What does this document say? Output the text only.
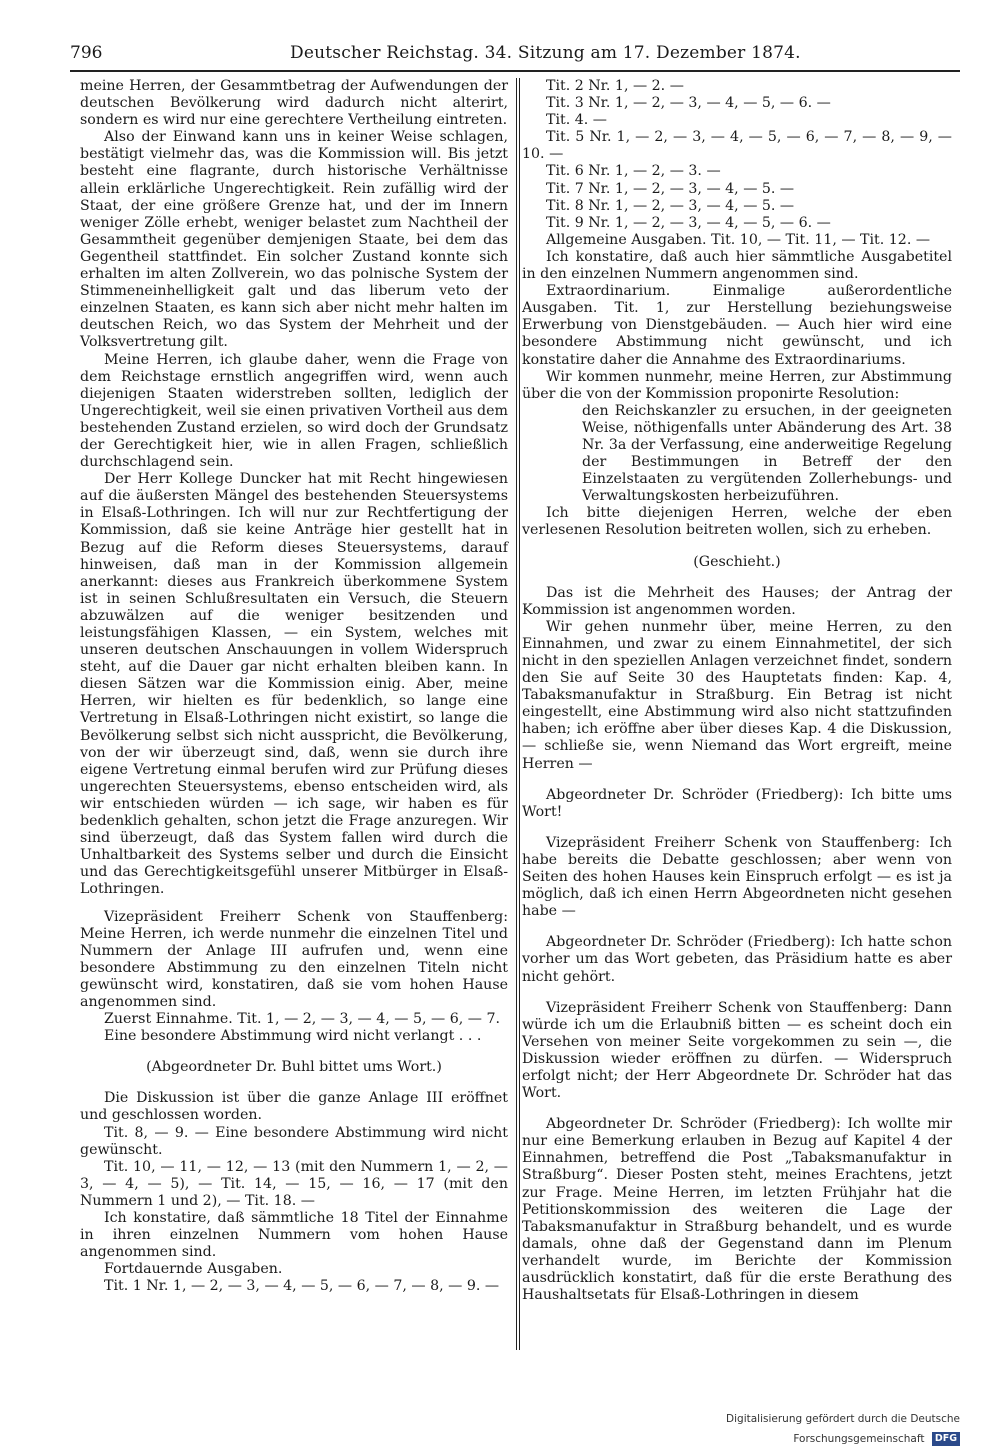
796	Deutscher Reichstag. 34. Sitzung am 17. Dezember 1874.

meine Herren, der Gesammtbetrag der Aufwendungen der deutschen Bevölkerung wird dadurch nicht alterirt, sondern es wird nur eine gerechtere Vertheilung eintreten.

Also der Einwand kann uns in keiner Weise schlagen, bestätigt vielmehr das, was die Kommission will. Bis jetzt besteht eine flagrante, durch historische Verhältnisse allein erklärliche Ungerechtigkeit. Rein zufällig wird der Staat, der eine größere Grenze hat, und der im Innern weniger Zölle erhebt, weniger belastet zum Nachtheil der Gesammtheit gegenüber demjenigen Staate, bei dem das Gegentheil stattfindet. Ein solcher Zustand konnte sich erhalten im alten Zollverein, wo das polnische System der Stimmeneinhelligkeit galt und das liberum veto der einzelnen Staaten, es kann sich aber nicht mehr halten im deutschen Reich, wo das System der Mehrheit und der Volksvertretung gilt.

Meine Herren, ich glaube daher, wenn die Frage von dem Reichstage ernstlich angegriffen wird, wenn auch diejenigen Staaten widerstreben sollten, lediglich der Ungerechtigkeit, weil sie einen privativen Vortheil aus dem bestehenden Zustand erzielen, so wird doch der Grundsatz der Gerechtigkeit hier, wie in allen Fragen, schließlich durchschlagend sein.

Der Herr Kollege Duncker hat mit Recht hingewiesen auf die äußersten Mängel des bestehenden Steuersystems in Elsaß-Lothringen. Ich will nur zur Rechtfertigung der Kommission, daß sie keine Anträge hier gestellt hat in Bezug auf die Reform dieses Steuersystems, darauf hinweisen, daß man in der Kommission allgemein anerkannt: dieses aus Frankreich überkommene System ist in seinen Schlußresultaten ein Versuch, die Steuern abzuwälzen auf die weniger besitzenden und leistungsfähigen Klassen, — ein System, welches mit unseren deutschen Anschauungen in vollem Widerspruch steht, auf die Dauer gar nicht erhalten bleiben kann. In diesen Sätzen war die Kommission einig. Aber, meine Herren, wir hielten es für bedenklich, so lange eine Vertretung in Elsaß-Lothringen nicht existirt, so lange die Bevölkerung selbst sich nicht ausspricht, die Bevölkerung, von der wir überzeugt sind, daß, wenn sie durch ihre eigene Vertretung einmal berufen wird zur Prüfung dieses ungerechten Steuersystems, ebenso entscheiden wird, als wir entschieden würden — ich sage, wir haben es für bedenklich gehalten, schon jetzt die Frage anzuregen. Wir sind überzeugt, daß das System fallen wird durch die Unhaltbarkeit des Systems selber und durch die Einsicht und das Gerechtigkeitsgefühl unserer Mitbürger in Elsaß-Lothringen.

Vizepräsident Freiherr Schenk von Stauffenberg: Meine Herren, ich werde nunmehr die einzelnen Titel und Nummern der Anlage III aufrufen und, wenn eine besondere Abstimmung zu den einzelnen Titeln nicht gewünscht wird, konstatiren, daß sie vom hohen Hause angenommen sind.

Zuerst Einnahme. Tit. 1, — 2, — 3, — 4, — 5, — 6, — 7.

Eine besondere Abstimmung wird nicht verlangt . . .

(Abgeordneter Dr. Buhl bittet ums Wort.)

Die Diskussion ist über die ganze Anlage III eröffnet und geschlossen worden.

Tit. 8, — 9. — Eine besondere Abstimmung wird nicht gewünscht.

Tit. 10, — 11, — 12, — 13 (mit den Nummern 1, — 2, — 3, — 4, — 5), — Tit. 14, — 15, — 16, — 17 (mit den Nummern 1 und 2), — Tit. 18. —

Ich konstatire, daß sämmtliche 18 Titel der Einnahme in ihren einzelnen Nummern vom hohen Hause angenommen sind.

Fortdauernde Ausgaben.

Tit. 1 Nr. 1, — 2, — 3, — 4, — 5, — 6, — 7, — 8, — 9. —

Tit. 2 Nr. 1, — 2. —

Tit. 3 Nr. 1, — 2, — 3, — 4, — 5, — 6. —

Tit. 4. —

Tit. 5 Nr. 1, — 2, — 3, — 4, — 5, — 6, — 7, — 8, — 9, — 10. —

Tit. 6 Nr. 1, — 2, — 3. —

Tit. 7 Nr. 1, — 2, — 3, — 4, — 5. —

Tit. 8 Nr. 1, — 2, — 3, — 4, — 5. —

Tit. 9 Nr. 1, — 2, — 3, — 4, — 5, — 6. —

Allgemeine Ausgaben. Tit. 10, — Tit. 11, — Tit. 12. —

Ich konstatire, daß auch hier sämmtliche Ausgabetitel in den einzelnen Nummern angenommen sind.

Extraordinarium. Einmalige außerordentliche Ausgaben. Tit. 1, zur Herstellung beziehungsweise Erwerbung von Dienstgebäuden. — Auch hier wird eine besondere Abstimmung nicht gewünscht, und ich konstatire daher die Annahme des Extraordinariums.

Wir kommen nunmehr, meine Herren, zur Abstimmung über die von der Kommission proponirte Resolution:

den Reichskanzler zu ersuchen, in der geeigneten Weise, nöthigenfalls unter Abänderung des Art. 38 Nr. 3a der Verfassung, eine anderweitige Regelung der Bestimmungen in Betreff der den Einzelstaaten zu vergütenden Zollerhebungs- und Verwaltungskosten herbeizuführen.

Ich bitte diejenigen Herren, welche der eben verlesenen Resolution beitreten wollen, sich zu erheben.

(Geschieht.)

Das ist die Mehrheit des Hauses; der Antrag der Kommission ist angenommen worden.

Wir gehen nunmehr über, meine Herren, zu den Einnahmen, und zwar zu einem Einnahmetitel, der sich nicht in den speziellen Anlagen verzeichnet findet, sondern den Sie auf Seite 30 des Hauptetats finden: Kap. 4, Tabaksmanufaktur in Straßburg. Ein Betrag ist nicht eingestellt, eine Abstimmung wird also nicht stattzufinden haben; ich eröffne aber über dieses Kap. 4 die Diskussion, — schließe sie, wenn Niemand das Wort ergreift, meine Herren —

Abgeordneter Dr. Schröder (Friedberg): Ich bitte ums Wort!

Vizepräsident Freiherr Schenk von Stauffenberg: Ich habe bereits die Debatte geschlossen; aber wenn von Seiten des hohen Hauses kein Einspruch erfolgt — es ist ja möglich, daß ich einen Herrn Abgeordneten nicht gesehen habe —

Abgeordneter Dr. Schröder (Friedberg): Ich hatte schon vorher um das Wort gebeten, das Präsidium hatte es aber nicht gehört.

Vizepräsident Freiherr Schenk von Stauffenberg: Dann würde ich um die Erlaubniß bitten — es scheint doch ein Versehen von meiner Seite vorgekommen zu sein —, die Diskussion wieder eröffnen zu dürfen. — Widerspruch erfolgt nicht; der Herr Abgeordnete Dr. Schröder hat das Wort.

Abgeordneter Dr. Schröder (Friedberg): Ich wollte mir nur eine Bemerkung erlauben in Bezug auf Kapitel 4 der Einnahmen, betreffend die Post „Tabaksmanufaktur in Straßburg“. Dieser Posten steht, meines Erachtens, jetzt zur Frage. Meine Herren, im letzten Frühjahr hat die Petitionskommission des weiteren die Lage der Tabaksmanufaktur in Straßburg behandelt, und es wurde damals, ohne daß der Gegenstand dann im Plenum verhandelt wurde, im Berichte der Kommission ausdrücklich konstatirt, daß für die erste Berathung des Haushaltsetats für Elsaß-Lothringen in diesem

Digitalisierung gefördert durch die Deutsche Forschungsgemeinschaft DFG
